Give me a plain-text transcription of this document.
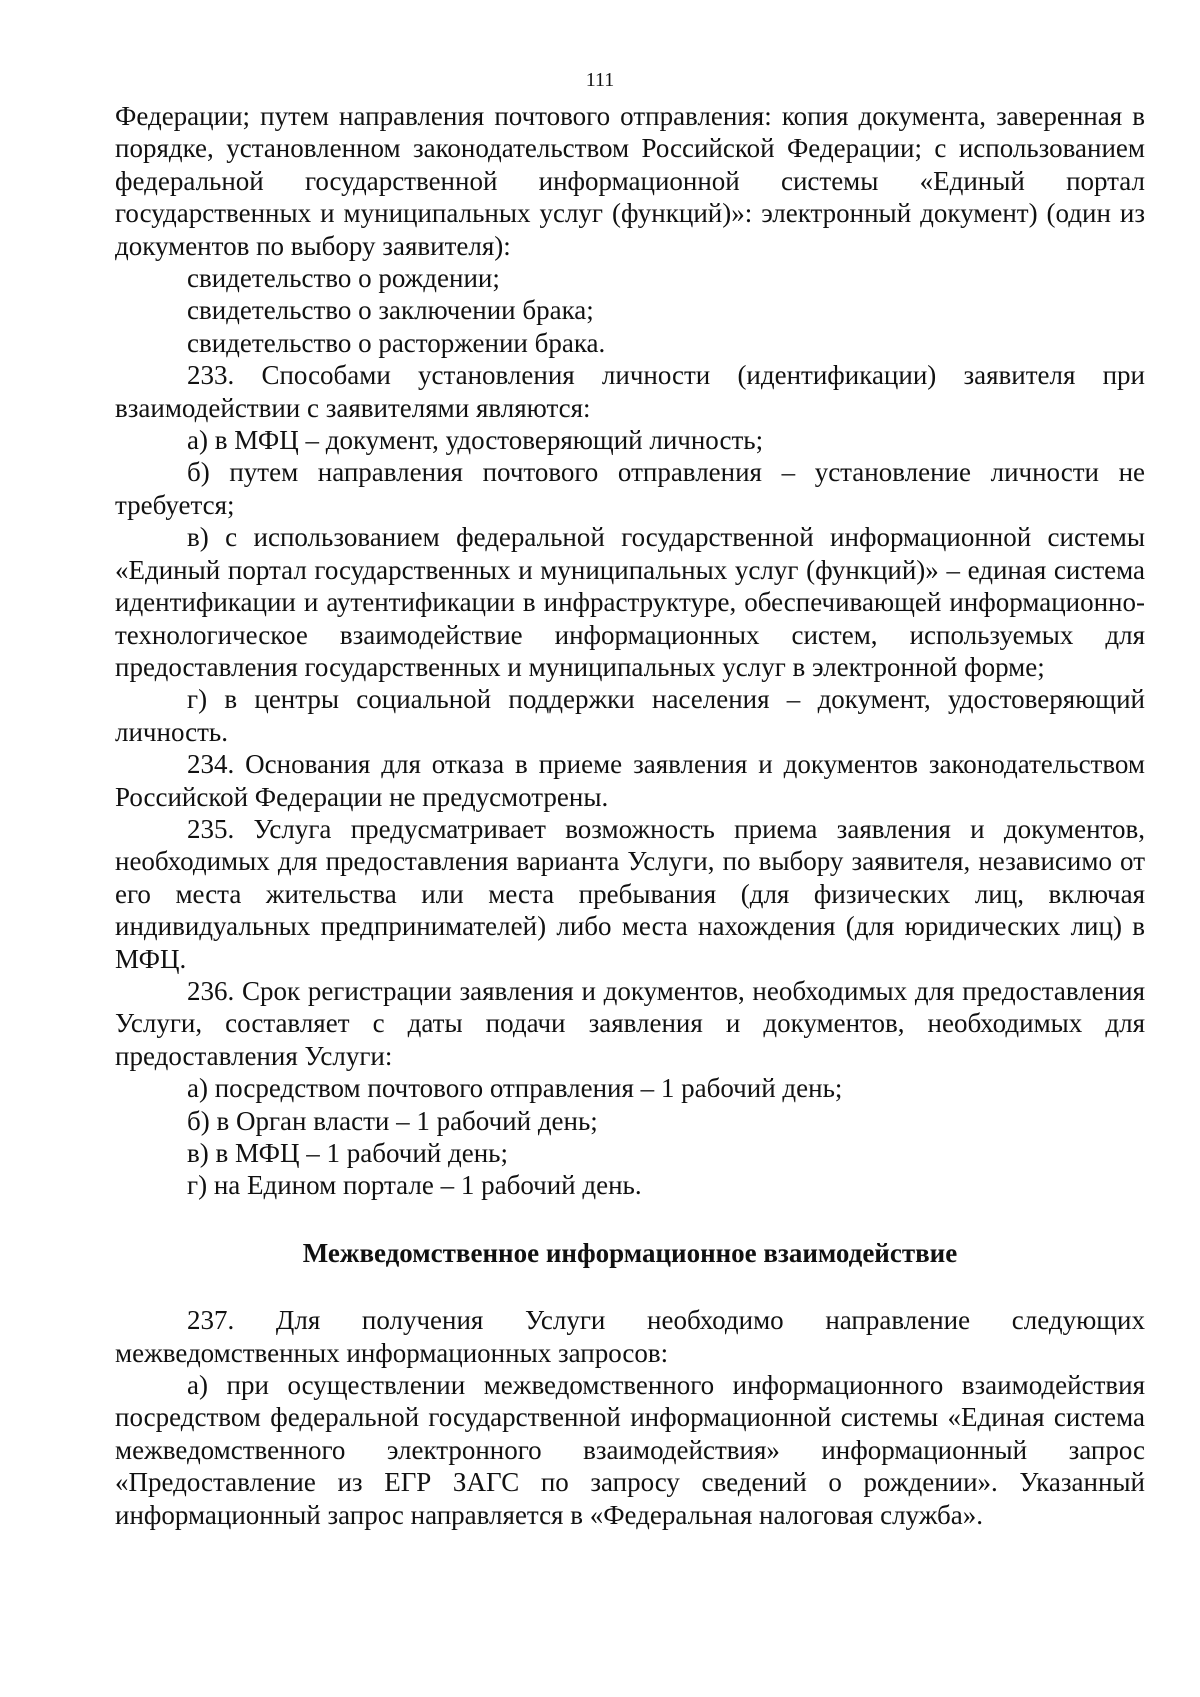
111

Федерации; путем направления почтового отправления: копия документа, заверенная в порядке, установленном законодательством Российской Федерации; с использованием федеральной государственной информационной системы «Единый портал государственных и муниципальных услуг (функций)»: электронный документ) (один из документов по выбору заявителя):

свидетельство о рождении;

свидетельство о заключении брака;

свидетельство о расторжении брака.

233. Способами установления личности (идентификации) заявителя при взаимодействии с заявителями являются:

а) в МФЦ – документ, удостоверяющий личность;

б) путем направления почтового отправления – установление личности не требуется;

в) с использованием федеральной государственной информационной системы «Единый портал государственных и муниципальных услуг (функций)» – единая система идентификации и аутентификации в инфраструктуре, обеспечивающей информационно-технологическое взаимодействие информационных систем, используемых для предоставления государственных и муниципальных услуг в электронной форме;

г) в центры социальной поддержки населения – документ, удостоверяющий личность.

234. Основания для отказа в приеме заявления и документов законодательством Российской Федерации не предусмотрены.

235. Услуга предусматривает возможность приема заявления и документов, необходимых для предоставления варианта Услуги, по выбору заявителя, независимо от его места жительства или места пребывания (для физических лиц, включая индивидуальных предпринимателей) либо места нахождения (для юридических лиц) в МФЦ.

236. Срок регистрации заявления и документов, необходимых для предоставления Услуги, составляет с даты подачи заявления и документов, необходимых для предоставления Услуги:

а) посредством почтового отправления – 1 рабочий день;

б) в Орган власти – 1 рабочий день;

в) в МФЦ – 1 рабочий день;

г) на Едином портале – 1 рабочий день.

Межведомственное информационное взаимодействие

237. Для получения Услуги необходимо направление следующих межведомственных информационных запросов:

а) при осуществлении межведомственного информационного взаимодействия посредством федеральной государственной информационной системы «Единая система межведомственного электронного взаимодействия» информационный запрос «Предоставление из ЕГР ЗАГС по запросу сведений о рождении». Указанный информационный запрос направляется в «Федеральная налоговая служба».
